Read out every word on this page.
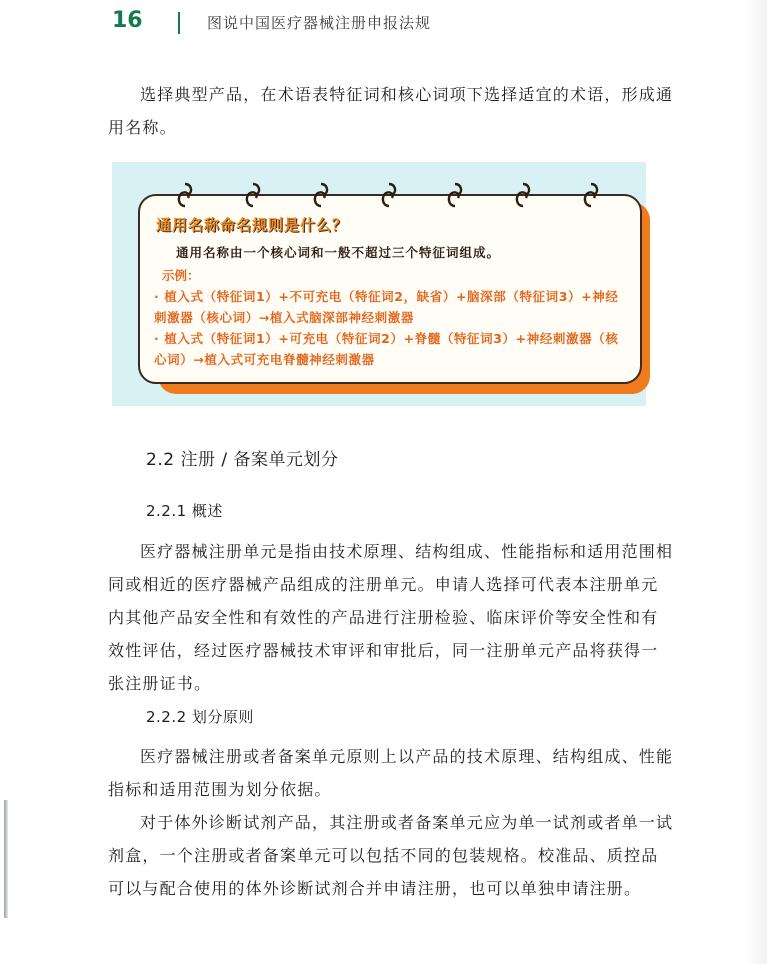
16	图说中国医疗器械注册申报法规

选择典型产品，在术语表特征词和核心词项下选择适宜的术语，形成通用名称。

通用名称命名规则是什么？
通用名称由一个核心词和一般不超过三个特征词组成。
示例：

· 植入式（特征词1）+不可充电（特征词2，缺省）+脑深部（特征词3）+神经刺激器（核心词）→植入式脑深部神经刺激器

· 植入式（特征词1）+可充电（特征词2）+脊髓（特征词3）+神经刺激器（核心词）→植入式可充电脊髓神经刺激器

2.2 注册 / 备案单元划分
2.2.1 概述

医疗器械注册单元是指由技术原理、结构组成、性能指标和适用范围相同或相近的医疗器械产品组成的注册单元。申请人选择可代表本注册单元内其他产品安全性和有效性的产品进行注册检验、临床评价等安全性和有效性评估，经过医疗器械技术审评和审批后，同一注册单元产品将获得一张注册证书。

2.2.2 划分原则

医疗器械注册或者备案单元原则上以产品的技术原理、结构组成、性能指标和适用范围为划分依据。

对于体外诊断试剂产品，其注册或者备案单元应为单一试剂或者单一试剂盒，一个注册或者备案单元可以包括不同的包装规格。校准品、质控品可以与配合使用的体外诊断试剂合并申请注册，也可以单独申请注册。
